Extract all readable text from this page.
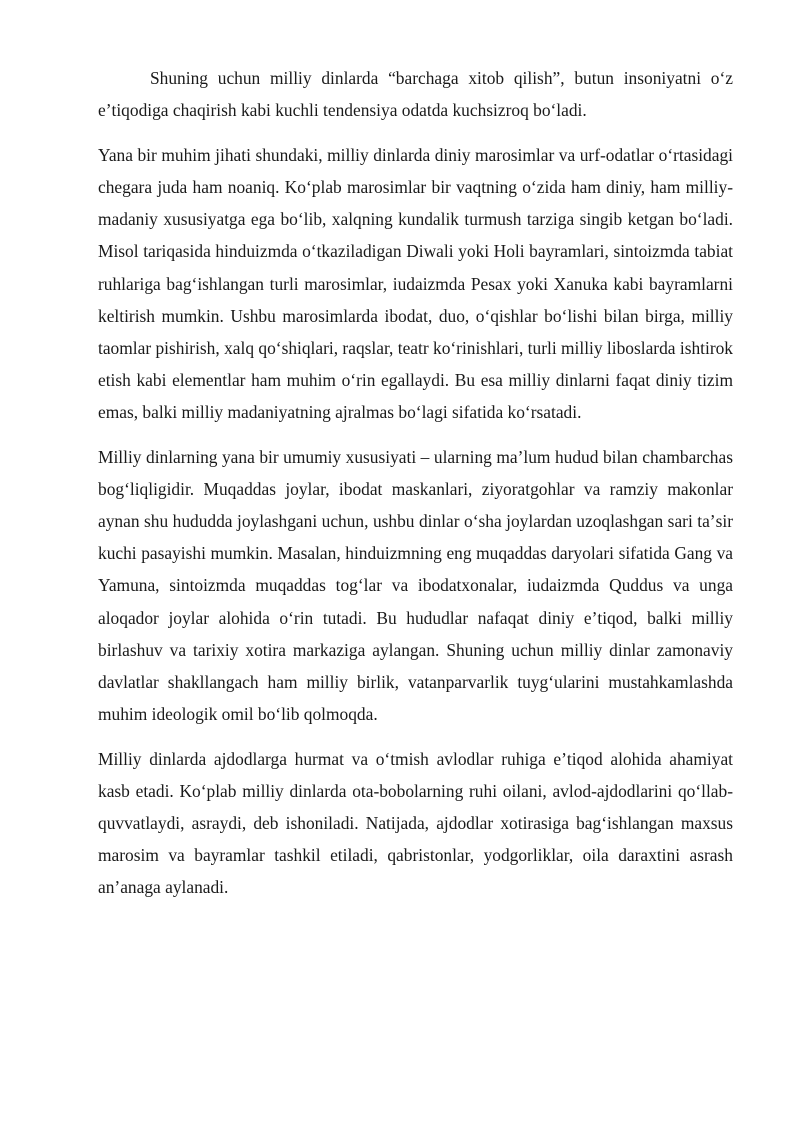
Shuning uchun milliy dinlarda “barchaga xitob qilish”, butun insoniyatni oʻz eʼtiqodiga chaqirish kabi kuchli tendensiya odatda kuchsizroq boʻladi.

Yana bir muhim jihati shundaki, milliy dinlarda diniy marosimlar va urf-odatlar oʻrtasidagi chegara juda ham noaniq. Koʻplab marosimlar bir vaqtning oʻzida ham diniy, ham milliy-madaniy xususiyatga ega boʻlib, xalqning kundalik turmush tarziga singib ketgan boʻladi. Misol tariqasida hinduizmda oʻtkaziladigan Diwali yoki Holi bayramlari, sintoizmda tabiat ruhlariga bagʻishlangan turli marosimlar, iudaizmda Pesax yoki Xanuka kabi bayramlarni keltirish mumkin. Ushbu marosimlarda ibodat, duo, oʻqishlar boʻlishi bilan birga, milliy taomlar pishirish, xalq qoʻshiqlari, raqslar, teatr koʻrinishlari, turli milliy liboslarda ishtirok etish kabi elementlar ham muhim oʻrin egallaydi. Bu esa milliy dinlarni faqat diniy tizim emas, balki milliy madaniyatning ajralmas boʻlagi sifatida koʻrsatadi.

Milliy dinlarning yana bir umumiy xususiyati – ularning maʼlum hudud bilan chambarchas bogʻliqligidir. Muqaddas joylar, ibodat maskanlari, ziyoratgohlar va ramziy makonlar aynan shu hududda joylashgani uchun, ushbu dinlar oʻsha joylardan uzoqlashgan sari taʼsir kuchi pasayishi mumkin. Masalan, hinduizmning eng muqaddas daryolari sifatida Gang va Yamuna, sintoizmda muqaddas togʻlar va ibodatxonalar, iudaizmda Quddus va unga aloqador joylar alohida oʻrin tutadi. Bu hududlar nafaqat diniy eʼtiqod, balki milliy birlashuv va tarixiy xotira markaziga aylangan. Shuning uchun milliy dinlar zamonaviy davlatlar shakllangach ham milliy birlik, vatanparvarlik tuygʻularini mustahkamlashda muhim ideologik omil boʻlib qolmoqda.

Milliy dinlarda ajdodlarga hurmat va oʻtmish avlodlar ruhiga eʼtiqod alohida ahamiyat kasb etadi. Koʻplab milliy dinlarda ota-bobolarning ruhi oilani, avlod-ajdodlarini qoʻllab-quvvatlaydi, asraydi, deb ishoniladi. Natijada, ajdodlar xotirasiga bagʻishlangan maxsus marosim va bayramlar tashkil etiladi, qabristonlar, yodgorliklar, oila daraxtini asrash anʼanaga aylanadi.
